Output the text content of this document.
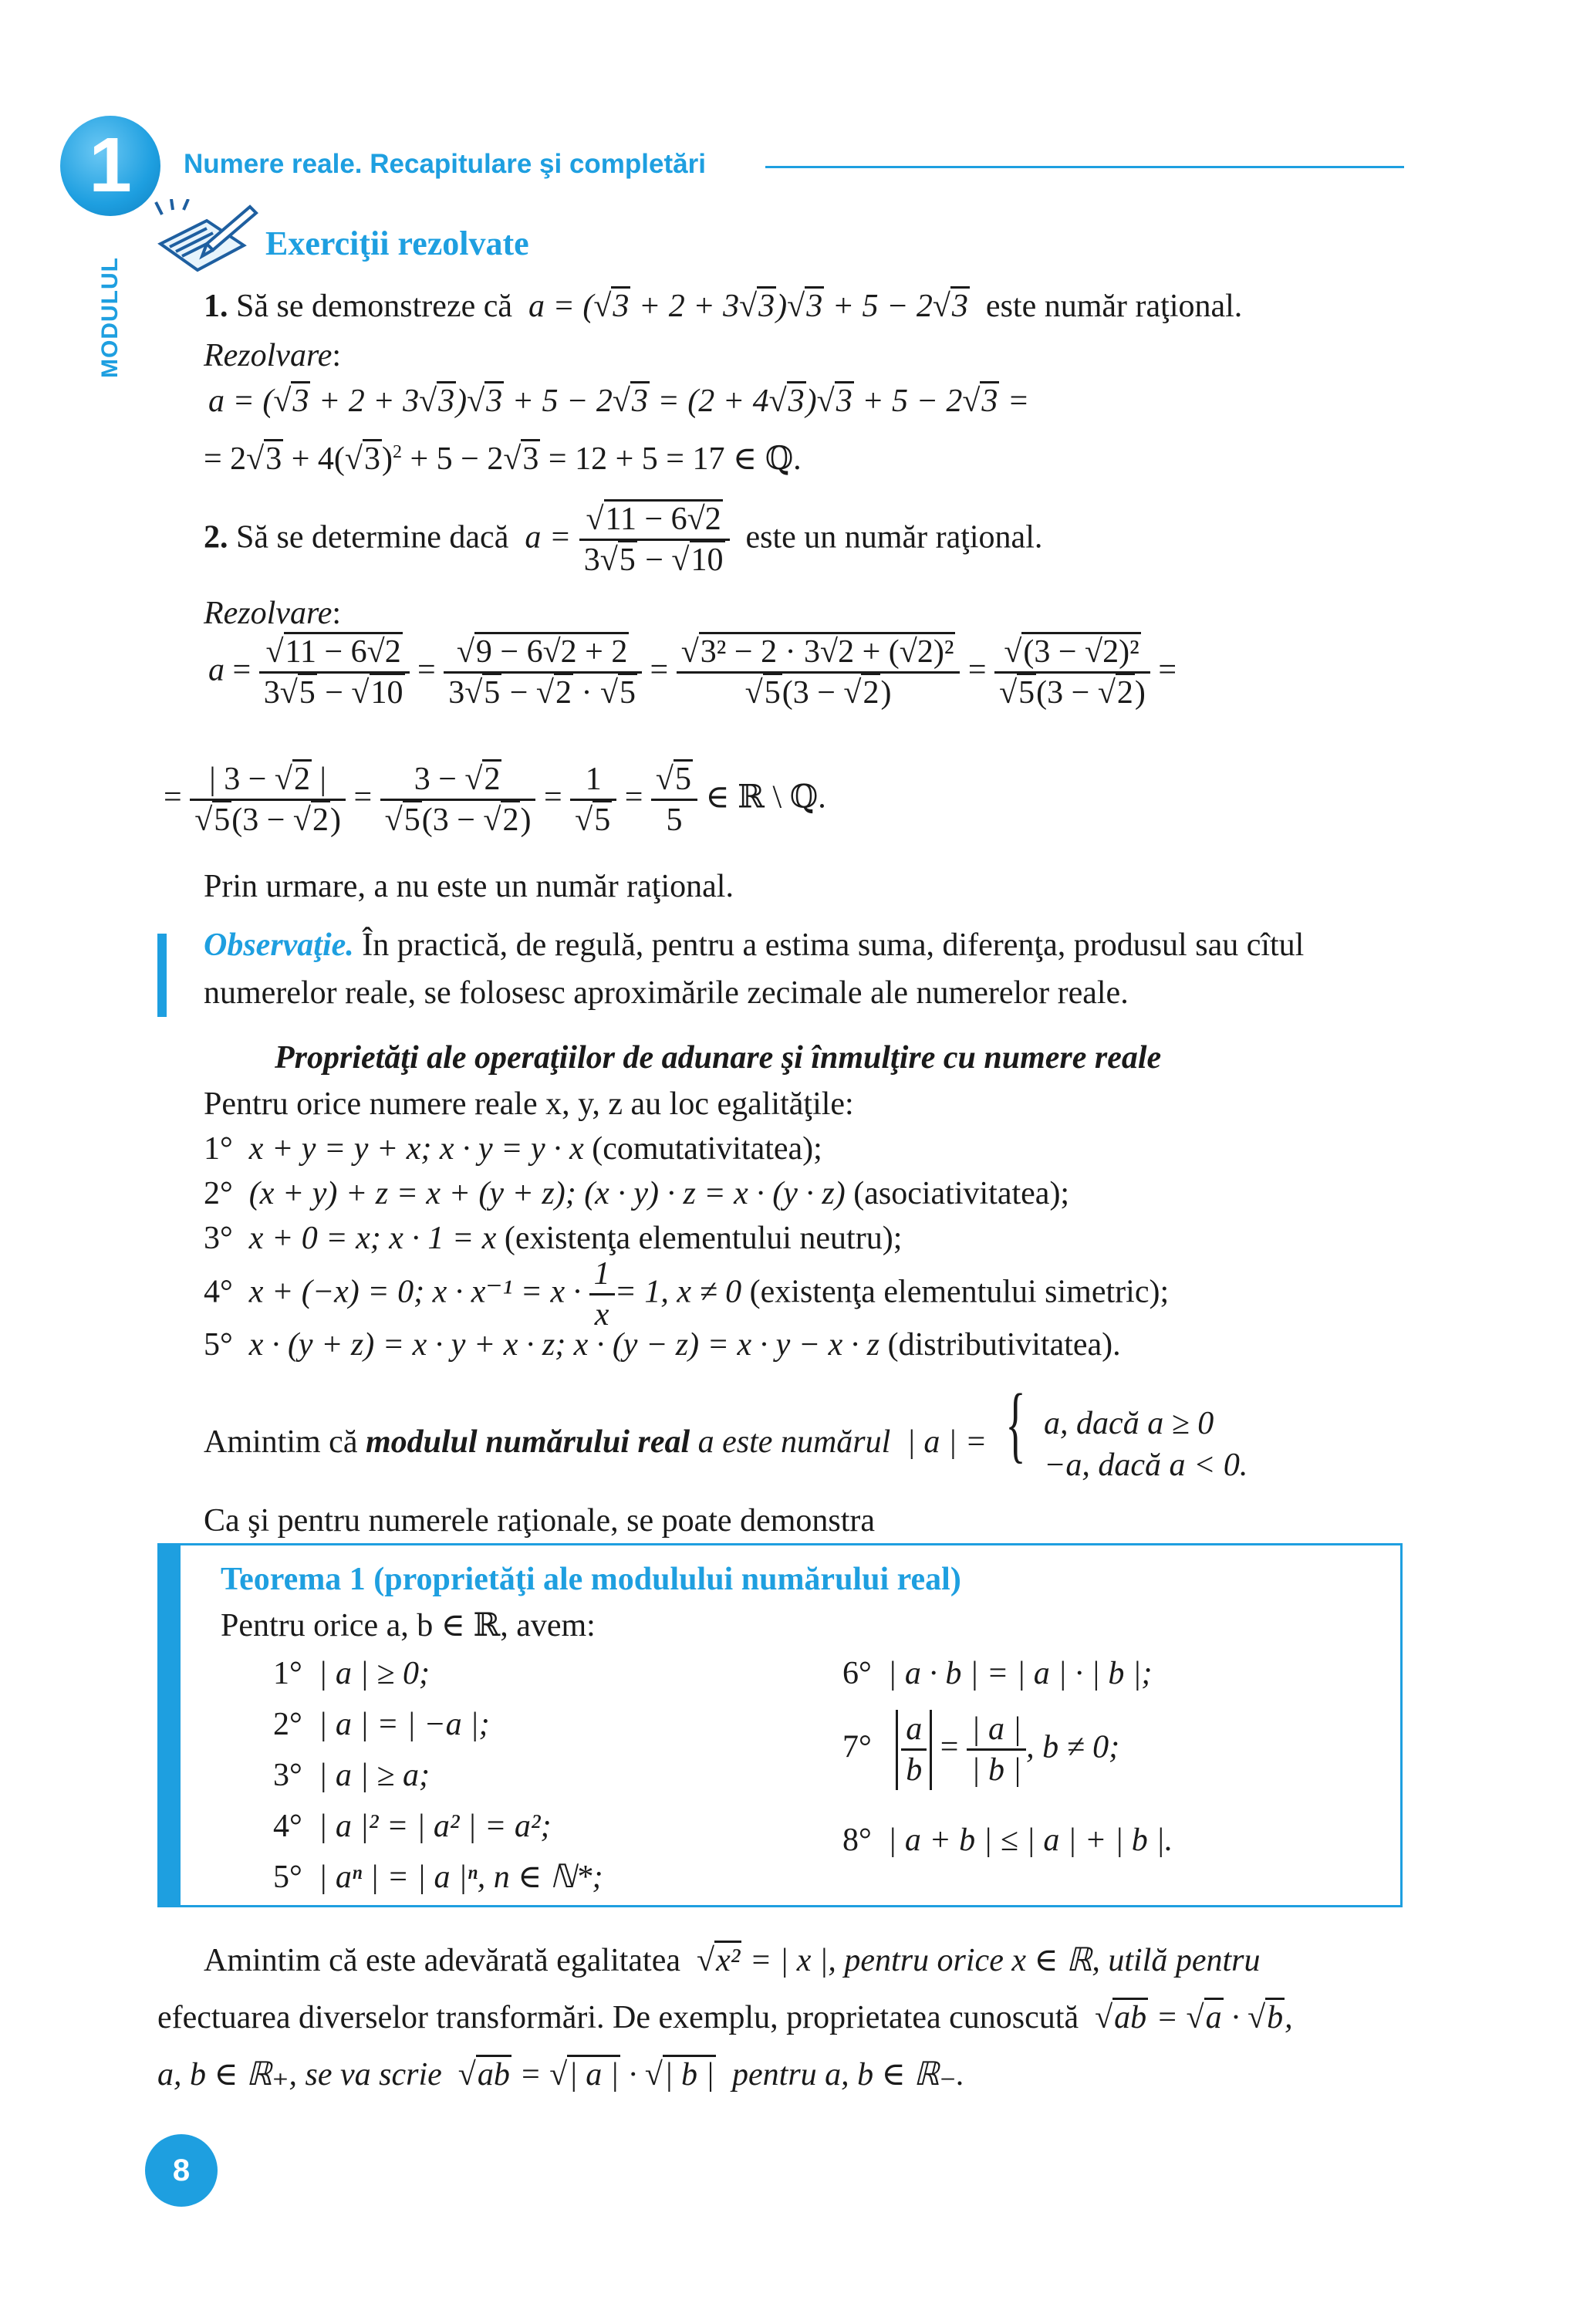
1
MODULUL
Numere reale. Recapitulare şi completări
Exerciţii rezolvate
1. Să se demonstreze că  a = (√3 + 2 + 3√3)√3 + 5 − 2√3 este număr raţional.
Rezolvare:
a = (√3 + 2 + 3√3)√3 + 5 − 2√3 = (2 + 4√3)√3 + 5 − 2√3 =
= $2√3 + 4(√3)^2 + 5 - 2√3 = 12 + 5 = 17$ ∈ ℚ.
2. Să se determine dacă  $a = \frac{√11 - 6√2}{3√5 - √10}$ este un număr raţional.
Rezolvare:
$a = \frac{√11 - 6√2}{3√5 - √10} = \frac{√9 - 6√2 + 2}{3√5 - √2 \cdot √5} = \frac{\text{√3² − 2 · 3√2 + (√2)²}}{√5(3 - √2)} = \frac{\text{√(3 − √2)²}}{√5(3 - √2)}$ =
= $\frac{| 3 - √2 |}{√5(3 - √2)} = \frac{3 - √2}{√5(3 - √2)} = \frac{1}{√5} = \frac{√5}{5}$ ∈ ℝ \ ℚ.
Prin urmare, a nu este un număr raţional.
Observaţie. În practică, de regulă, pentru a estima suma, diferenţa, produsul sau cîtul
numerelor reale, se folosesc aproximările zecimale ale numerelor reale.
Proprietăţi ale operaţiilor de adunare şi înmulţire cu numere reale
Pentru orice numere reale x, y, z au loc egalităţile:
1° x + y = y + x; x · y = y · x (comutativitatea);
2° (x + y) + z = x + (y + z); (x · y) · z = x · (y · z) (asociativitatea);
3° x + 0 = x; x · 1 = x (existenţa elementului neutru);
4° x + (−x) = 0; $x \cdot x^{-1} = x \cdot \frac{1}{x} = 1$, x ≠ 0 (existenţa elementului simetric);
5° x · (y + z) = x · y + x · z; x · (y − z) = x · y − x · z (distributivitatea).
Amintim că modulul numărului real a este numărul  | a | = { a, dacă a ≥ 0
−a, dacă a < 0.
Ca şi pentru numerele raţionale, se poate demonstra
Teorema 1 (proprietăţi ale modulului numărului real)
Pentru orice a, b ∈ ℝ, avem:
1° | a | ≥ 0;
2° | a | = | −a |;
3° | a | ≥ a;
4° | a |² = | a² | = a²;
5° | aⁿ | = | a |ⁿ, n ∈ ℕ*;
6° | a · b | = | a | · | b |;
$7^\circ \frac{a}{b} = \frac{| a |}{| b |}$ , b ≠ 0;
8° | a + b | ≤ | a | + | b |.
Amintim că este adevărată egalitatea  √x² = | x |, pentru orice x ∈ ℝ, utilă pentru
efectuarea diverselor transformări. De exemplu, proprietatea cunoscută  √ab = √a · √b,
a, b ∈ ℝ₊, se va scrie  √ab = √| a | · √| b | pentru a, b ∈ ℝ₋.
8
